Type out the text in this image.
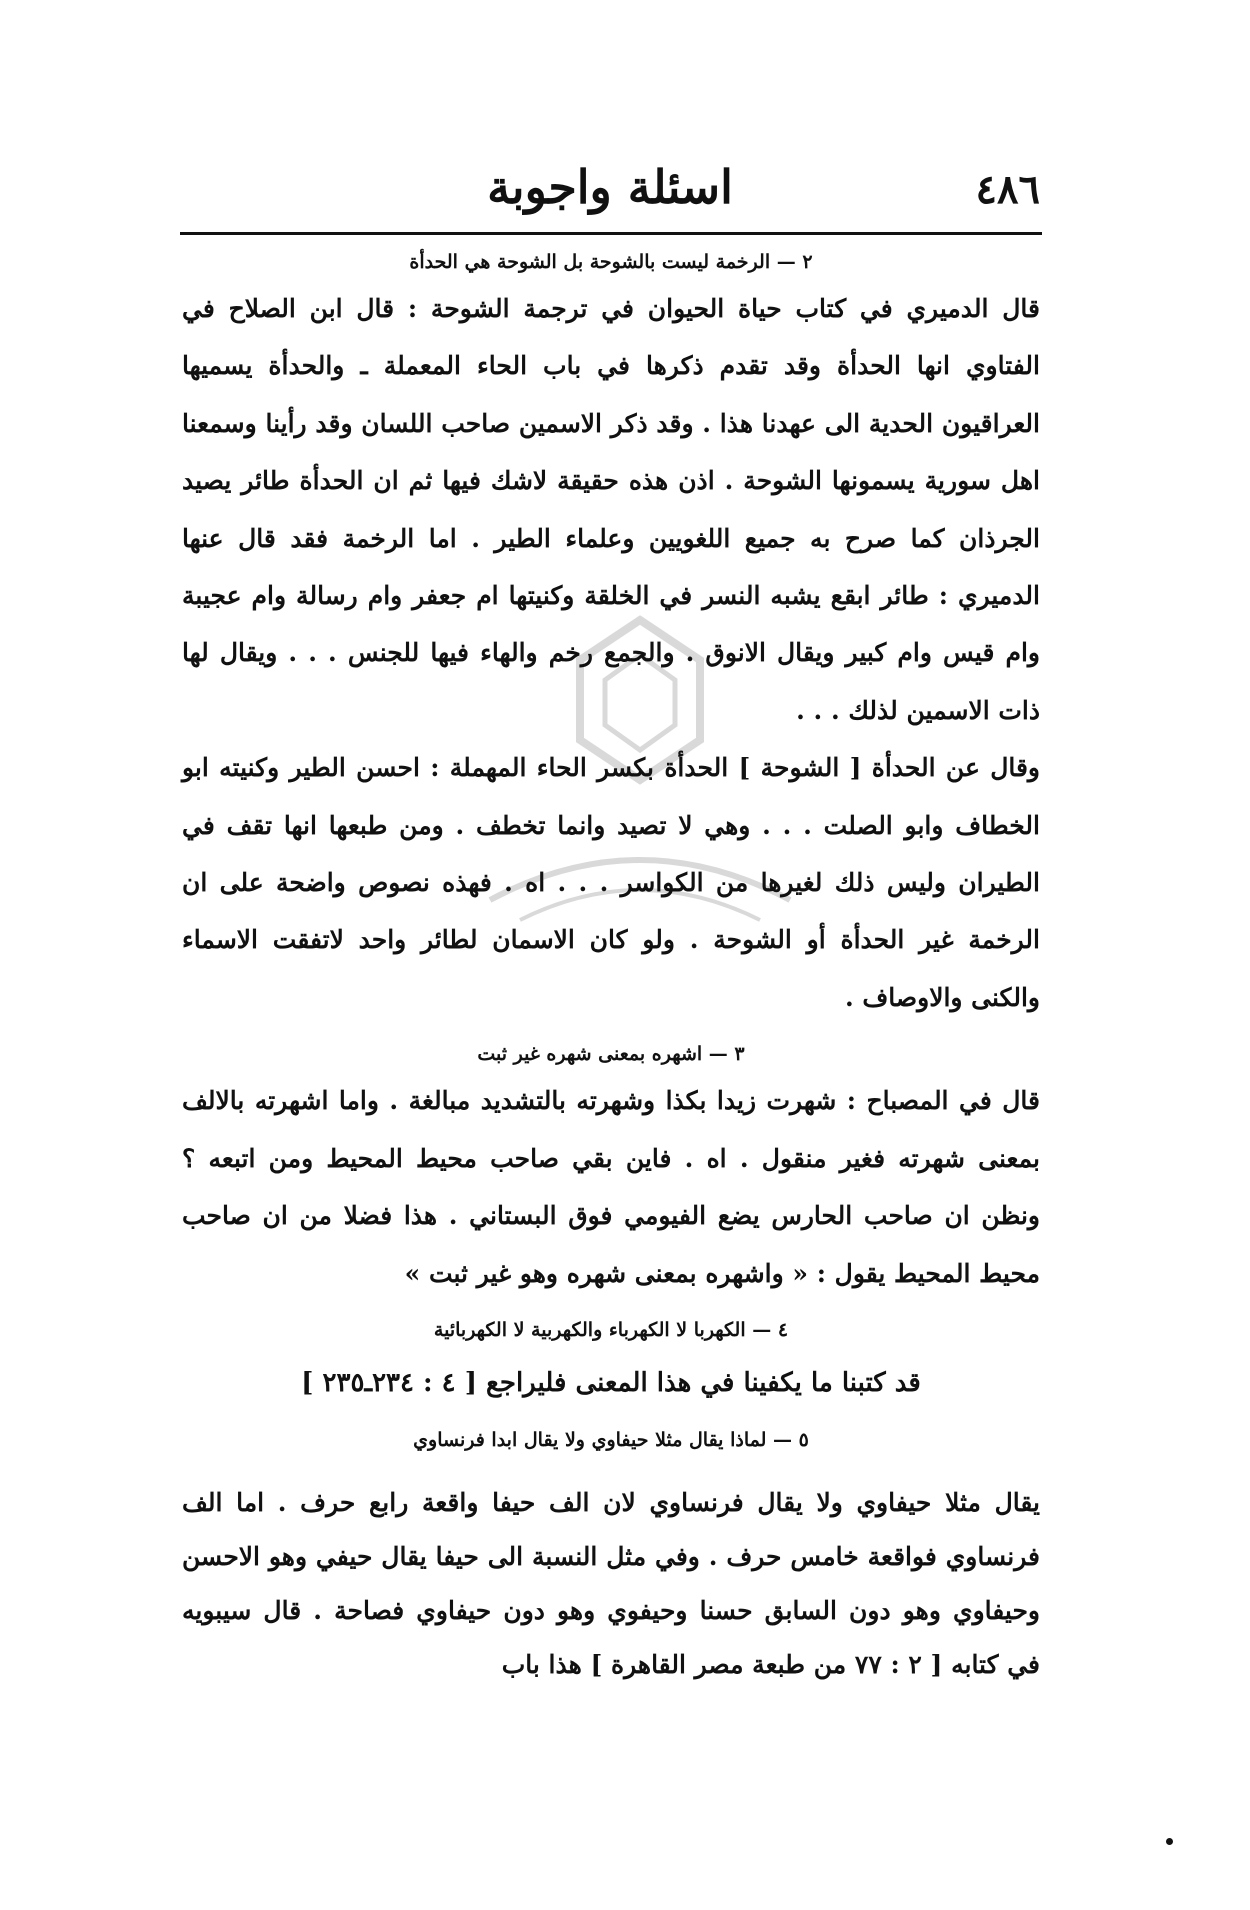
٤٨٦
اسئلة واجوبة

٢ — الرخمة ليست بالشوحة بل الشوحة هي الحدأة

قال الدميري في كتاب حياة الحيوان في ترجمة الشوحة : قال ابن الصلاح في الفتاوي انها الحدأة وقد تقدم ذكرها في باب الحاء المعملة ـ والحدأة يسميها العراقيون الحدية الى عهدنا هذا . وقد ذكر الاسمين صاحب اللسان وقد رأينا وسمعنا اهل سورية يسمونها الشوحة . اذن هذه حقيقة لاشك فيها ثم ان الحدأة طائر يصيد الجرذان كما صرح به جميع اللغويين وعلماء الطير . اما الرخمة فقد قال عنها الدميري : طائر ابقع يشبه النسر في الخلقة وكنيتها ام جعفر وام رسالة وام عجيبة وام قيس وام كبير ويقال الانوق . والجمع رخم والهاء فيها للجنس . . . ويقال لها ذات الاسمين لذلك . . .

وقال عن الحدأة [ الشوحة ] الحدأة بكسر الحاء المهملة : احسن الطير وكنيته ابو الخطاف وابو الصلت . . . وهي لا تصيد وانما تخطف . ومن طبعها انها تقف في الطيران وليس ذلك لغيرها من الكواسر . . . اه . فهذه نصوص واضحة على ان الرخمة غير الحدأة أو الشوحة . ولو كان الاسمان لطائر واحد لاتفقت الاسماء والكنى والاوصاف .

٣ — اشهره بمعنى شهره غير ثبت

قال في المصباح : شهرت زيدا بكذا وشهرته بالتشديد مبالغة . واما اشهرته بالالف بمعنى شهرته فغير منقول . اه . فاين بقي صاحب محيط المحيط ومن اتبعه ؟ ونظن ان صاحب الحارس يضع الفيومي فوق البستاني . هذا فضلا من ان صاحب محيط المحيط يقول : « واشهره بمعنى شهره وهو غير ثبت »

٤ — الكهربا لا الكهرباء والكهربية لا الكهربائية

قد كتبنا ما يكفينا في هذا المعنى فليراجع [ ٤ : ٢٣٤ـ٢٣٥ ]

٥ — لماذا يقال مثلا حيفاوي ولا يقال ابدا فرنساوي

يقال مثلا حيفاوي ولا يقال فرنساوي لان الف حيفا واقعة رابع حرف . اما الف فرنساوي فواقعة خامس حرف . وفي مثل النسبة الى حيفا يقال حيفي وهو الاحسن وحيفاوي وهو دون السابق حسنا وحيفوي وهو دون حيفاوي فصاحة . قال سيبويه في كتابه [ ٢ : ٧٧ من طبعة مصر القاهرة ] هذا باب
